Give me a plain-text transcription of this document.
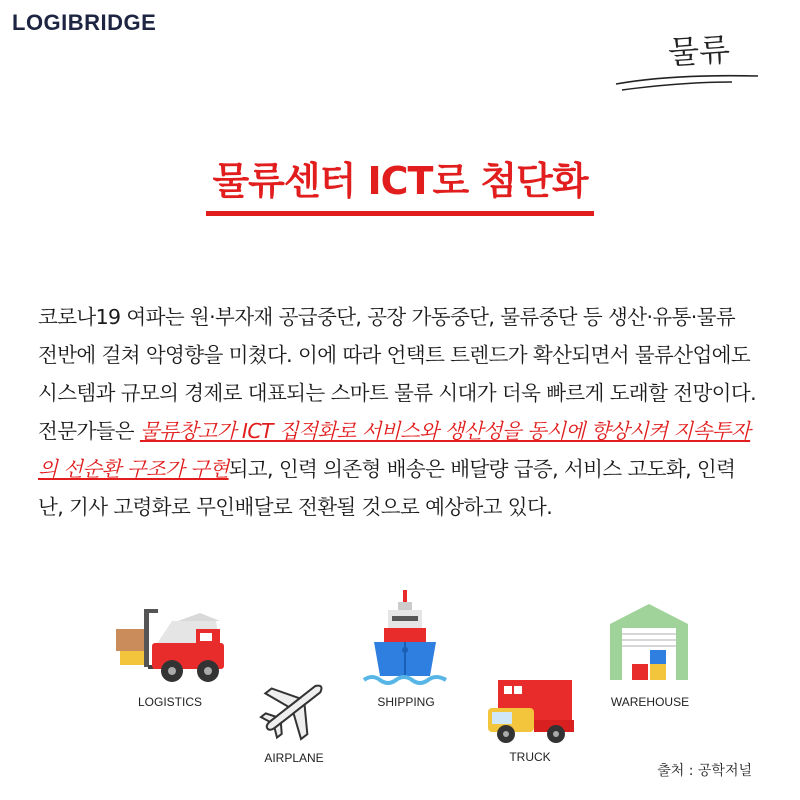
LOGIBRIDGE
물류
물류센터 ICT로 첨단화
코로나19 여파는 원·부자재 공급중단, 공장 가동중단, 물류중단 등 생산·유통·물류 전반에 걸쳐 악영향을 미쳤다. 이에 따라 언택트 트렌드가 확산되면서 물류산업에도 시스템과 규모의 경제로 대표되는 스마트 물류 시대가 더욱 빠르게 도래할 전망이다. 전문가들은 물류창고가 ICT 집적화로 서비스와 생산성을 동시에 향상시켜 지속투자의 선순환 구조가 구현되고, 인력 의존형 배송은 배달량 급증, 서비스 고도화, 인력난, 기사 고령화로 무인배달로 전환될 것으로 예상하고 있다.
LOGISTICS
AIRPLANE
SHIPPING
TRUCK
WAREHOUSE
출처 : 공학저널
